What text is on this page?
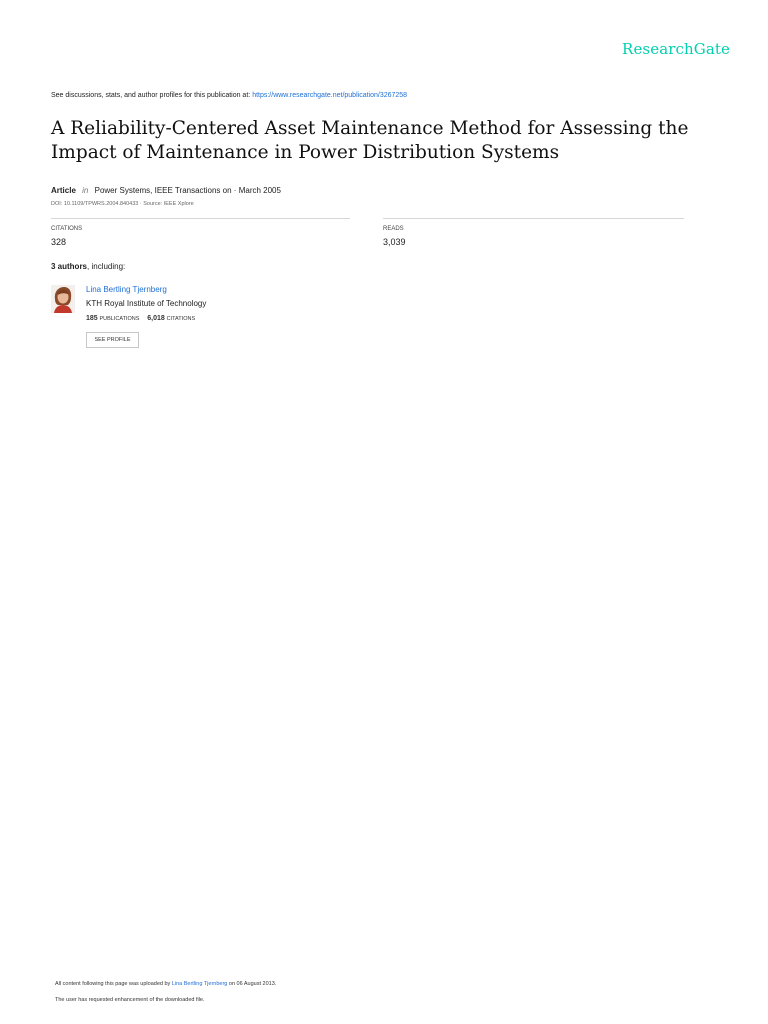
ResearchGate
See discussions, stats, and author profiles for this publication at: https://www.researchgate.net/publication/3267258
A Reliability-Centered Asset Maintenance Method for Assessing the Impact of Maintenance in Power Distribution Systems
Article in Power Systems, IEEE Transactions on · March 2005
DOI: 10.1109/TPWRS.2004.840433 · Source: IEEE Xplore
CITATIONS
328
READS
3,039
3 authors, including:
Lina Bertling Tjernberg
KTH Royal Institute of Technology
185 PUBLICATIONS 6,018 CITATIONS
SEE PROFILE
All content following this page was uploaded by Lina Bertling Tjernberg on 06 August 2013.
The user has requested enhancement of the downloaded file.
